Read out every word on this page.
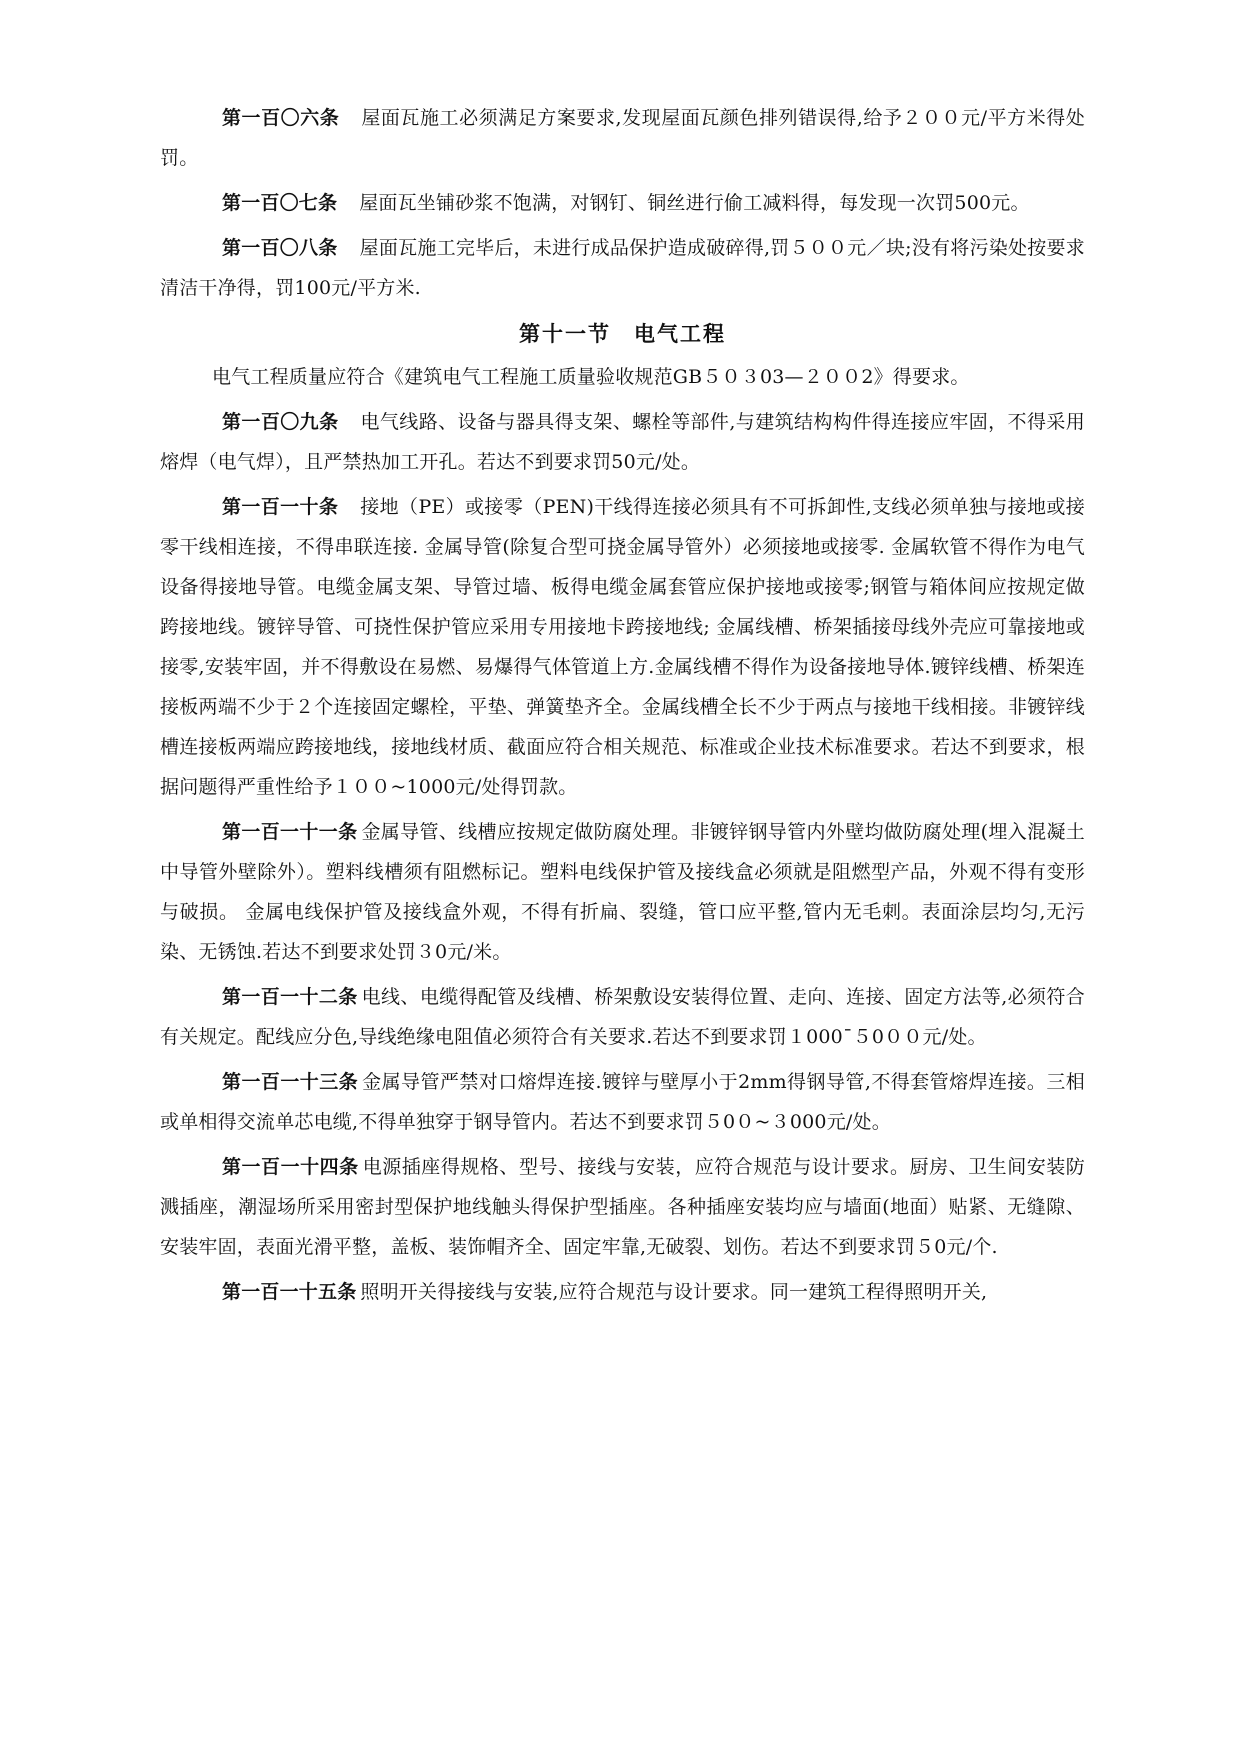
第一百〇六条 屋面瓦施工必须满足方案要求,发现屋面瓦颜色排列错误得,给予２００元/平方米得处罚。

第一百〇七条 屋面瓦坐铺砂浆不饱满，对钢钉、铜丝进行偷工减料得，每发现一次罚500元。

第一百〇八条 屋面瓦施工完毕后，未进行成品保护造成破碎得,罚５００元／块;没有将污染处按要求清洁干净得，罚100元/平方米.

第十一节　电气工程

电气工程质量应符合《建筑电气工程施工质量验收规范GB５０３03—２００2》得要求。

第一百〇九条 电气线路、设备与器具得支架、螺栓等部件,与建筑结构构件得连接应牢固，不得采用熔焊（电气焊），且严禁热加工开孔。若达不到要求罚50元/处。

第一百一十条 接地（PE）或接零（PEN)干线得连接必须具有不可拆卸性,支线必须单独与接地或接零干线相连接，不得串联连接. 金属导管(除复合型可挠金属导管外）必须接地或接零. 金属软管不得作为电气设备得接地导管。电缆金属支架、导管过墙、板得电缆金属套管应保护接地或接零;钢管与箱体间应按规定做跨接地线。镀锌导管、可挠性保护管应采用专用接地卡跨接地线; 金属线槽、桥架插接母线外壳应可靠接地或接零,安装牢固，并不得敷设在易燃、易爆得气体管道上方.金属线槽不得作为设备接地导体.镀锌线槽、桥架连接板两端不少于２个连接固定螺栓，平垫、弹簧垫齐全。金属线槽全长不少于两点与接地干线相接。非镀锌线槽连接板两端应跨接地线，接地线材质、截面应符合相关规范、标准或企业技术标准要求。若达不到要求，根据问题得严重性给予１００~1000元/处得罚款。

第一百一十一条 金属导管、线槽应按规定做防腐处理。非镀锌钢导管内外壁均做防腐处理(埋入混凝土中导管外壁除外）。塑料线槽须有阻燃标记。塑料电线保护管及接线盒必须就是阻燃型产品，外观不得有变形与破损。 金属电线保护管及接线盒外观，不得有折扁、裂缝，管口应平整,管内无毛刺。表面涂层均匀,无污染、无锈蚀.若达不到要求处罚３0元/米。

第一百一十二条 电线、电缆得配管及线槽、桥架敷设安装得位置、走向、连接、固定方法等,必须符合有关规定。配线应分色,导线绝缘电阻值必须符合有关要求.若达不到要求罚１000¯５0００元/处。

第一百一十三条 金属导管严禁对口熔焊连接.镀锌与壁厚小于2mm得钢导管,不得套管熔焊连接。三相或单相得交流单芯电缆,不得单独穿于钢导管内。若达不到要求罚５0０~３000元/处。

第一百一十四条 电源插座得规格、型号、接线与安装，应符合规范与设计要求。厨房、卫生间安装防溅插座，潮湿场所采用密封型保护地线触头得保护型插座。各种插座安装均应与墙面(地面）贴紧、无缝隙、安装牢固，表面光滑平整，盖板、装饰帽齐全、固定牢靠,无破裂、划伤。若达不到要求罚５0元/个.

第一百一十五条 照明开关得接线与安装,应符合规范与设计要求。同一建筑工程得照明开关,
